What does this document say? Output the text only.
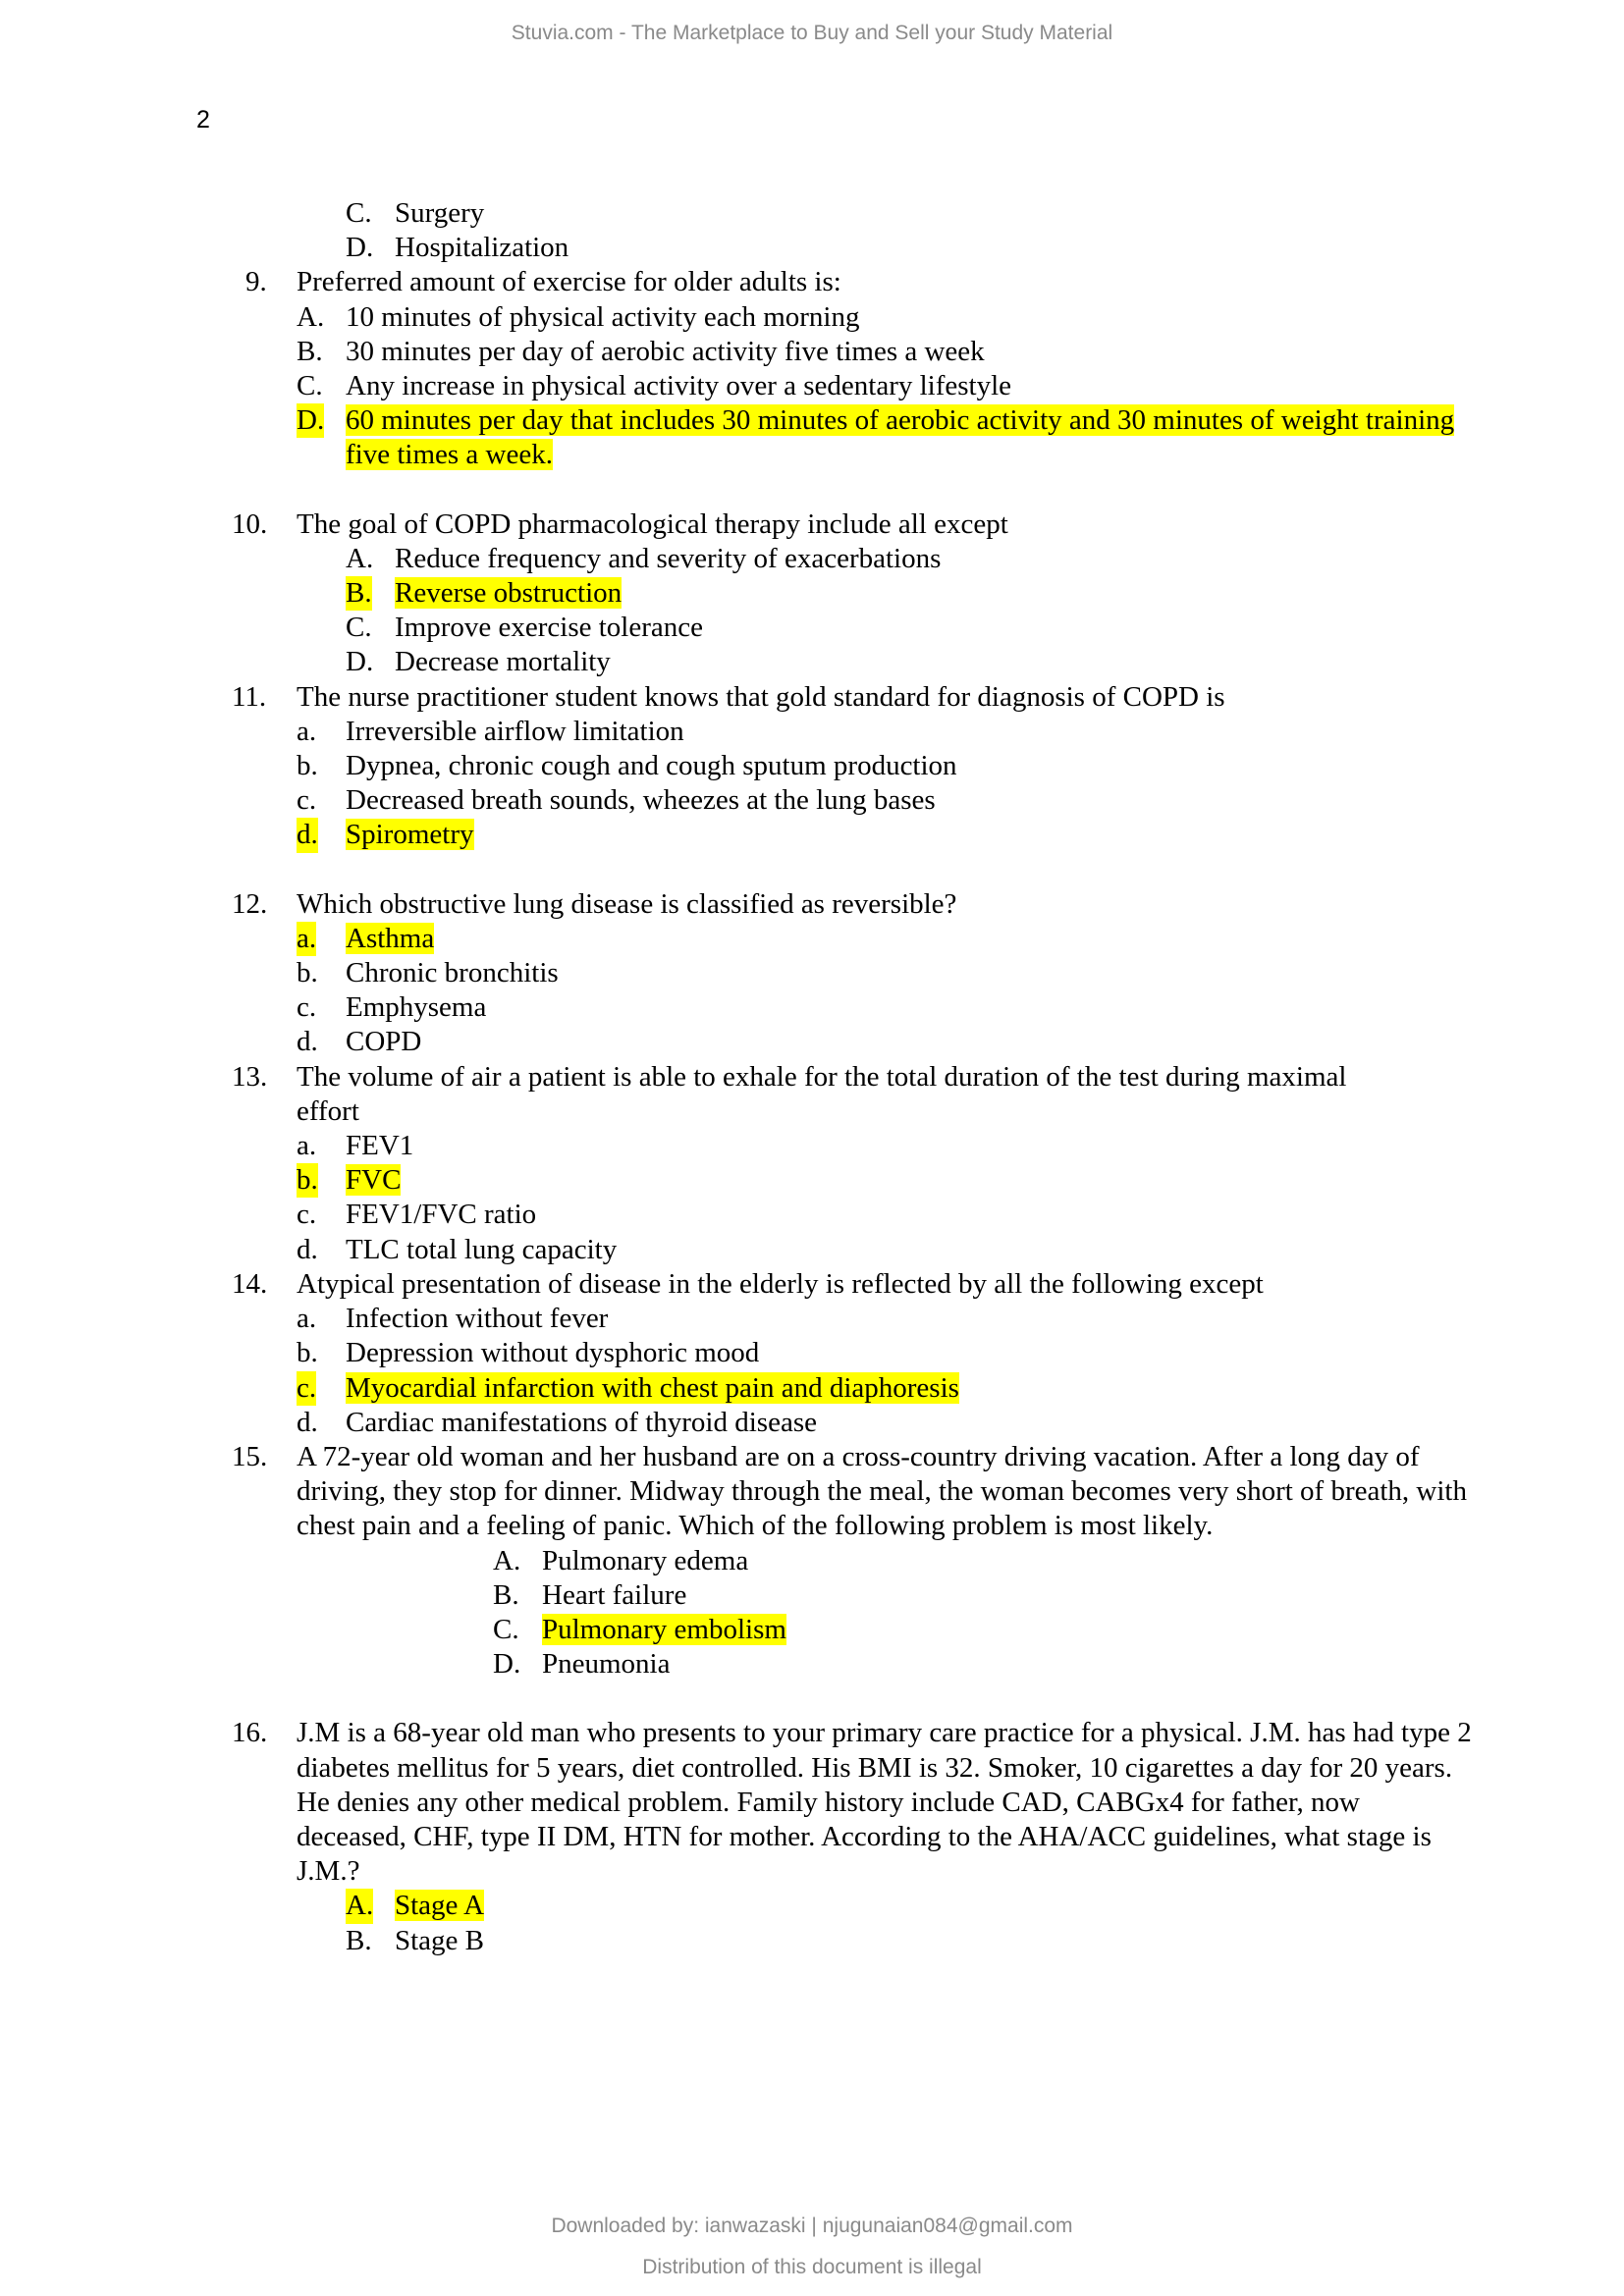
Stuvia.com - The Marketplace to Buy and Sell your Study Material
2
C. Surgery
D. Hospitalization
9. Preferred amount of exercise for older adults is:
A. 10 minutes of physical activity each morning
B. 30 minutes per day of aerobic activity five times a week
C. Any increase in physical activity over a sedentary lifestyle
D. 60 minutes per day that includes 30 minutes of aerobic activity and 30 minutes of weight training five times a week.
10. The goal of COPD pharmacological therapy include all except
A. Reduce frequency and severity of exacerbations
B. Reverse obstruction
C. Improve exercise tolerance
D. Decrease mortality
11. The nurse practitioner student knows that gold standard for diagnosis of COPD is
a. Irreversible airflow limitation
b. Dypnea, chronic cough and cough sputum production
c. Decreased breath sounds, wheezes at the lung bases
d. Spirometry
12. Which obstructive lung disease is classified as reversible?
a. Asthma
b. Chronic bronchitis
c. Emphysema
d. COPD
13. The volume of air a patient is able to exhale for the total duration of the test during maximal effort
a. FEV1
b. FVC
c. FEV1/FVC ratio
d. TLC total lung capacity
14. Atypical presentation of disease in the elderly is reflected by all the following except
a. Infection without fever
b. Depression without dysphoric mood
c. Myocardial infarction with chest pain and diaphoresis
d. Cardiac manifestations of thyroid disease
15. A 72-year old woman and her husband are on a cross-country driving vacation. After a long day of driving, they stop for dinner. Midway through the meal, the woman becomes very short of breath, with chest pain and a feeling of panic. Which of the following problem is most likely.
A. Pulmonary edema
B. Heart failure
C. Pulmonary embolism
D. Pneumonia
16. J.M is a 68-year old man who presents to your primary care practice for a physical. J.M. has had type 2 diabetes mellitus for 5 years, diet controlled. His BMI is 32. Smoker, 10 cigarettes a day for 20 years. He denies any other medical problem. Family history include CAD, CABGx4 for father, now deceased, CHF, type II DM, HTN for mother. According to the AHA/ACC guidelines, what stage is J.M.?
A. Stage A
B. Stage B
Downloaded by: ianwazaski | njugunaian084@gmail.com
Distribution of this document is illegal
